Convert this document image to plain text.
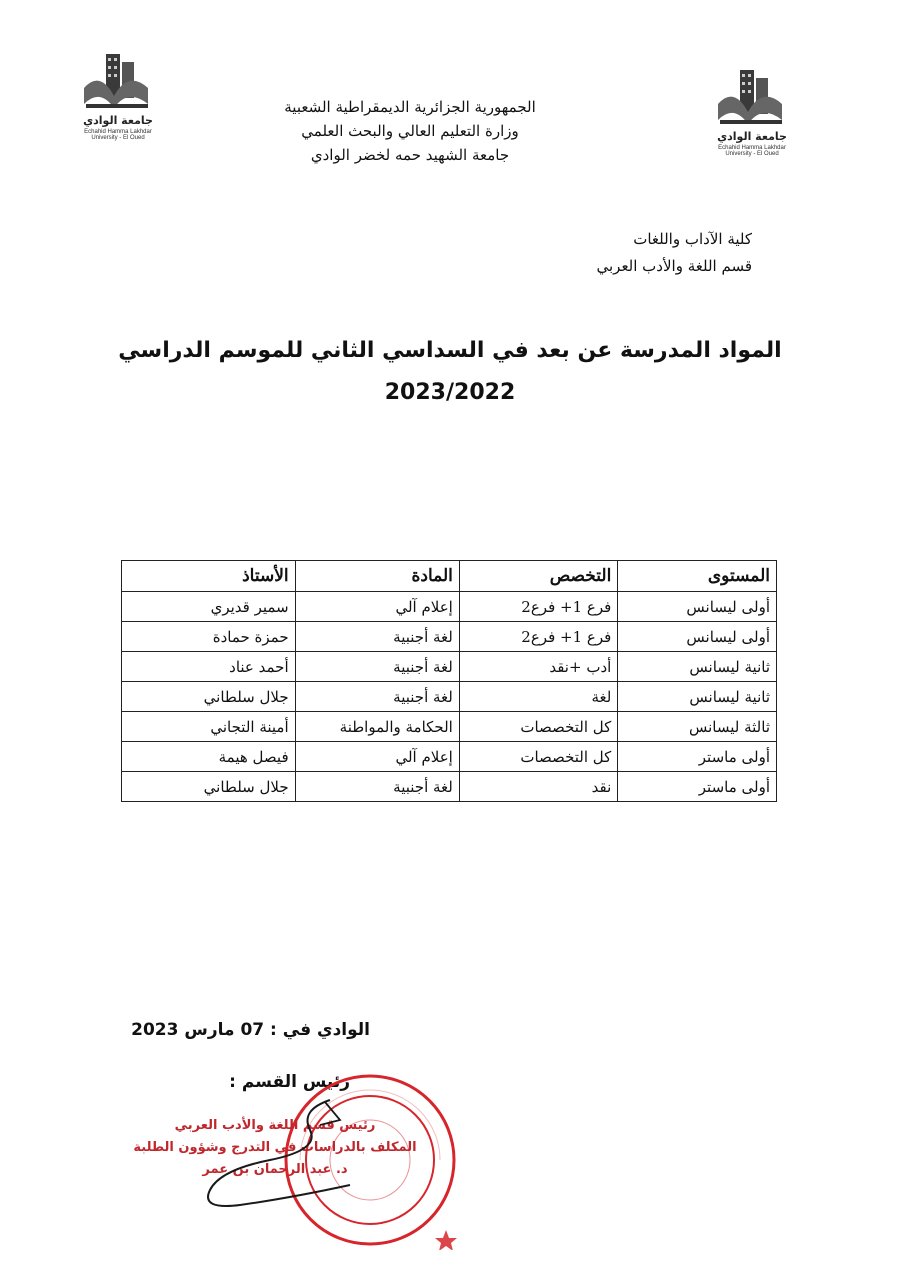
جامعة الوادي
Echahid Hamma Lakhdar University - El Oued	جامعة الوادي
Echahid Hamma Lakhdar University - El Oued
الجمهورية الجزائرية الديمقراطية الشعبية
وزارة التعليم العالي والبحث العلمي
جامعة الشهيد حمه لخضر الوادي
كلية الآداب واللغات
قسم اللغة والأدب العربي
المواد المدرسة عن بعد في السداسي الثاني للموسم الدراسي
2023/2022
المستوى	التخصص	المادة	الأستاذ
أولى ليسانس	فرع 1+ فرع2	إعلام آلي	سمير قديري
أولى ليسانس	فرع 1+ فرع2	لغة أجنبية	حمزة حمادة
ثانية ليسانس	أدب +نقد	لغة أجنبية	أحمد عناد
ثانية ليسانس	لغة	لغة أجنبية	جلال سلطاني
ثالثة ليسانس	كل التخصصات	الحكامة والمواطنة	أمينة التجاني
أولى ماستر	كل التخصصات	إعلام آلي	فيصل هيمة
أولى ماستر	نقد	لغة أجنبية	جلال سلطاني
الوادي في : 07 مارس 2023
رئيس القسم :
رئيس قسم اللغة والأدب العربي
المكلف بالدراسات في التدرج وشؤون الطلبة
د. عبد الرحمان بن عمر
